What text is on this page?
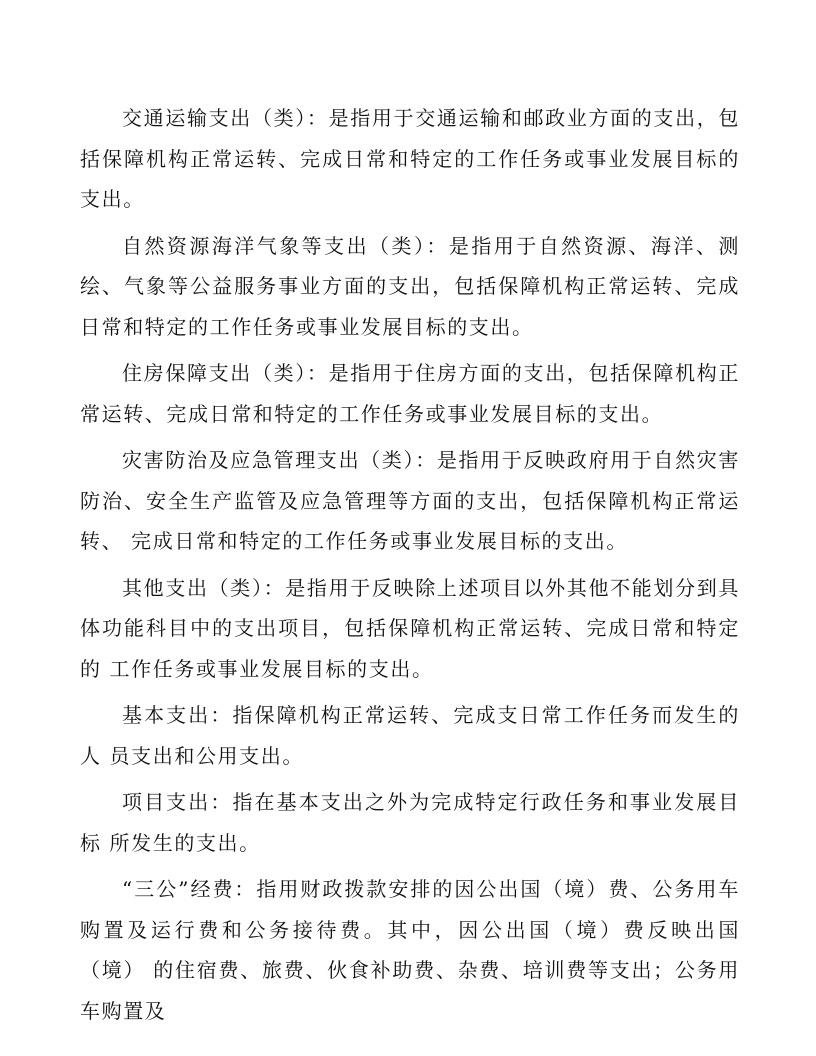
交通运输支出（类）：是指用于交通运输和邮政业方面的支出，包括保障机构正常运转、完成日常和特定的工作任务或事业发展目标的支出。

自然资源海洋气象等支出（类）：是指用于自然资源、海洋、测绘、气象等公益服务事业方面的支出，包括保障机构正常运转、完成日常和特定的工作任务或事业发展目标的支出。

住房保障支出（类）：是指用于住房方面的支出，包括保障机构正常运转、完成日常和特定的工作任务或事业发展目标的支出。

灾害防治及应急管理支出（类）：是指用于反映政府用于自然灾害防治、安全生产监管及应急管理等方面的支出，包括保障机构正常运转、 完成日常和特定的工作任务或事业发展目标的支出。

其他支出（类）：是指用于反映除上述项目以外其他不能划分到具体功能科目中的支出项目，包括保障机构正常运转、完成日常和特定的 工作任务或事业发展目标的支出。

基本支出：指保障机构正常运转、完成支日常工作任务而发生的人 员支出和公用支出。

项目支出：指在基本支出之外为完成特定行政任务和事业发展目标 所发生的支出。

“三公”经费：指用财政拨款安排的因公出国（境）费、公务用车购置及运行费和公务接待费。其中，因公出国（境）费反映出国（境） 的住宿费、旅费、伙食补助费、杂费、培训费等支出；公务用车购置及
